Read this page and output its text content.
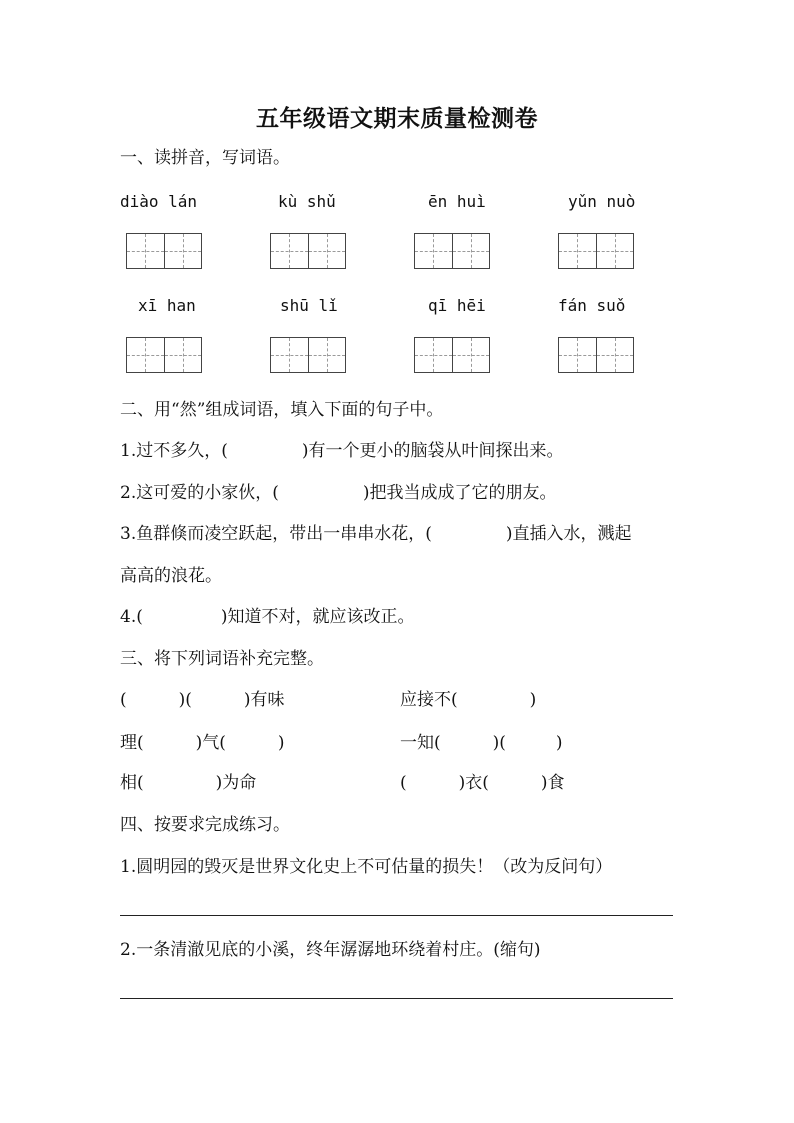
五年级语文期末质量检测卷
一、读拼音，写词语。
diào lán	kù shǔ	ēn huì	yǔn nuò
xī han	shū lǐ	qī hēi	fán suǒ
二、用“然”组成词语，填入下面的句子中。
1.过不多久，(	)有一个更小的脑袋从叶间探出来。
2.这可爱的小家伙，(	)把我当成成了它的朋友。
3.鱼群倏而凌空跃起，带出一串串水花，(	)直插入水，溅起
高高的浪花。
4.(	)知道不对，就应该改正。
三、将下列词语补充完整。
(	)(	)有味	应接不(	)
理(	)气(	)	一知(	)(	)
相(	)为命	(	)衣(	)食
四、按要求完成练习。
1.圆明园的毁灭是世界文化史上不可估量的损失！（改为反问句）
2.一条清澈见底的小溪，终年潺潺地环绕着村庄。(缩句)
